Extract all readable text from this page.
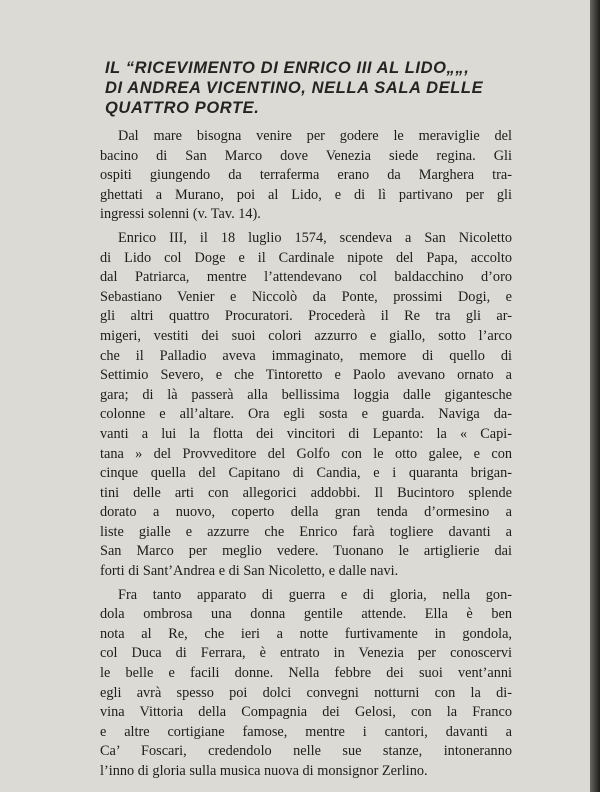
IL “RICEVIMENTO DI ENRICO III AL LIDO„„,
DI ANDREA VICENTINO, NELLA SALA DELLE
QUATTRO PORTE.

Dal mare bisogna venire per godere le meraviglie del
bacino di San Marco dove Venezia siede regina. Gli
ospiti giungendo da terraferma erano da Marghera tra-
ghettati a Murano, poi al Lido, e di lì partivano per gli
ingressi solenni (v. Tav. 14).

Enrico III, il 18 luglio 1574, scendeva a San Nicoletto
di Lido col Doge e il Cardinale nipote del Papa, accolto
dal Patriarca, mentre l’attendevano col baldacchino d’oro
Sebastiano Venier e Niccolò da Ponte, prossimi Dogi, e
gli altri quattro Procuratori. Procederà il Re tra gli ar-
migeri, vestiti dei suoi colori azzurro e giallo, sotto l’arco
che il Palladio aveva immaginato, memore di quello di
Settimio Severo, e che Tintoretto e Paolo avevano ornato a
gara; di là passerà alla bellissima loggia dalle gigantesche
colonne e all’altare. Ora egli sosta e guarda. Naviga da-
vanti a lui la flotta dei vincitori di Lepanto: la « Capi-
tana » del Provveditore del Golfo con le otto galee, e con
cinque quella del Capitano di Candia, e i quaranta brigan-
tini delle arti con allegorici addobbi. Il Bucintoro splende
dorato a nuovo, coperto della gran tenda d’ormesino a
liste gialle e azzurre che Enrico farà togliere davanti a
San Marco per meglio vedere. Tuonano le artiglierie dai
forti di Sant’Andrea e di San Nicoletto, e dalle navi.

Fra tanto apparato di guerra e di gloria, nella gon-
dola ombrosa una donna gentile attende. Ella è ben
nota al Re, che ieri a notte furtivamente in gondola,
col Duca di Ferrara, è entrato in Venezia per conoscervi
le belle e facili donne. Nella febbre dei suoi vent’anni
egli avrà spesso poi dolci convegni notturni con la di-
vina Vittoria della Compagnia dei Gelosi, con la Franco
e altre cortigiane famose, mentre i cantori, davanti a
Ca’ Foscari, credendolo nelle sue stanze, intoneranno
l’inno di gloria sulla musica nuova di monsignor Zerlino.
